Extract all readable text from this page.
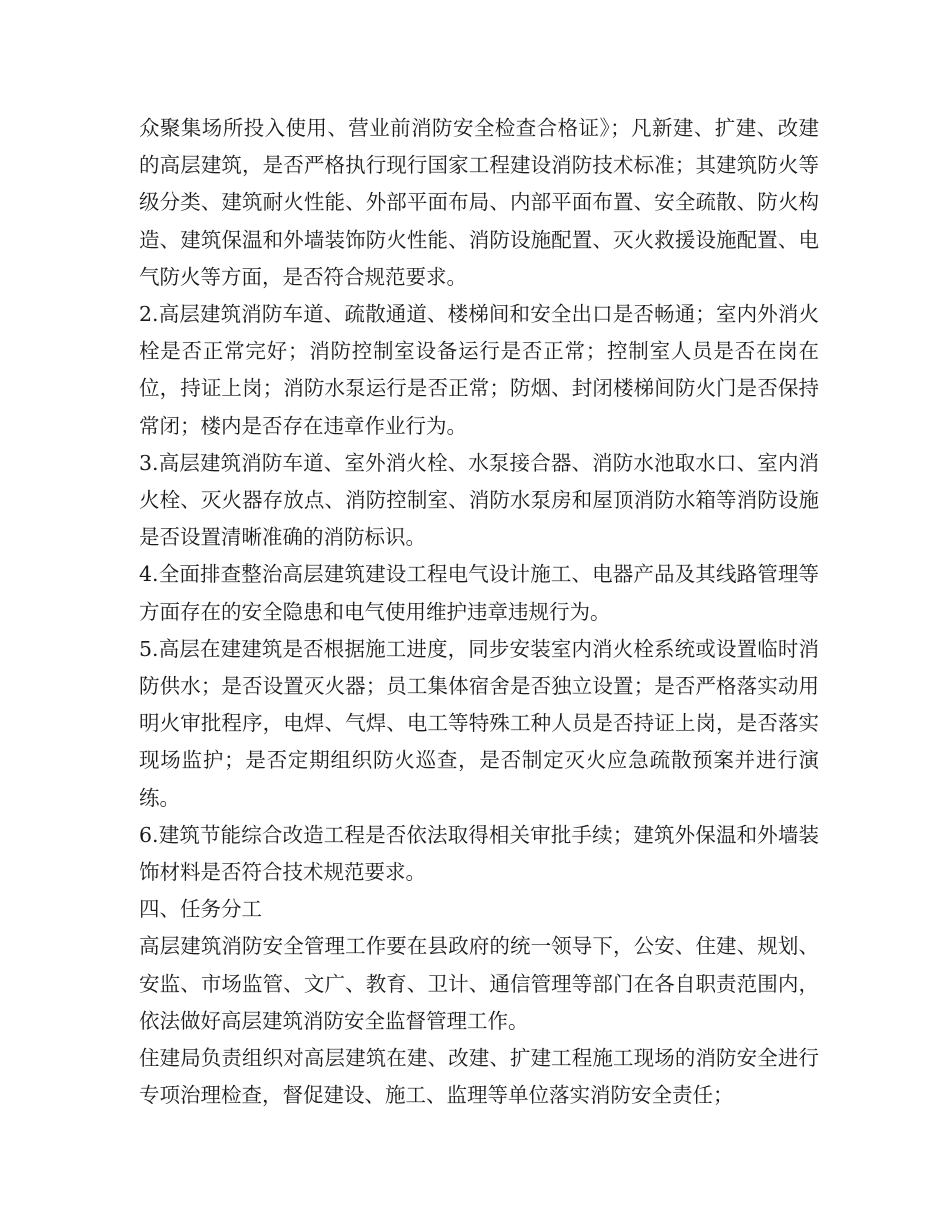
众聚集场所投入使用、营业前消防安全检查合格证》；凡新建、扩建、改建的高层建筑，是否严格执行现行国家工程建设消防技术标准；其建筑防火等级分类、建筑耐火性能、外部平面布局、内部平面布置、安全疏散、防火构造、建筑保温和外墙装饰防火性能、消防设施配置、灭火救援设施配置、电气防火等方面，是否符合规范要求。

2.高层建筑消防车道、疏散通道、楼梯间和安全出口是否畅通；室内外消火栓是否正常完好；消防控制室设备运行是否正常；控制室人员是否在岗在位，持证上岗；消防水泵运行是否正常；防烟、封闭楼梯间防火门是否保持常闭；楼内是否存在违章作业行为。

3.高层建筑消防车道、室外消火栓、水泵接合器、消防水池取水口、室内消火栓、灭火器存放点、消防控制室、消防水泵房和屋顶消防水箱等消防设施是否设置清晰准确的消防标识。

4.全面排查整治高层建筑建设工程电气设计施工、电器产品及其线路管理等方面存在的安全隐患和电气使用维护违章违规行为。

5.高层在建建筑是否根据施工进度，同步安装室内消火栓系统或设置临时消防供水；是否设置灭火器；员工集体宿舍是否独立设置；是否严格落实动用明火审批程序，电焊、气焊、电工等特殊工种人员是否持证上岗，是否落实现场监护；是否定期组织防火巡查，是否制定灭火应急疏散预案并进行演练。

6.建筑节能综合改造工程是否依法取得相关审批手续；建筑外保温和外墙装饰材料是否符合技术规范要求。

四、任务分工

高层建筑消防安全管理工作要在县政府的统一领导下，公安、住建、规划、安监、市场监管、文广、教育、卫计、通信管理等部门在各自职责范围内，依法做好高层建筑消防安全监督管理工作。

住建局负责组织对高层建筑在建、改建、扩建工程施工现场的消防安全进行专项治理检查，督促建设、施工、监理等单位落实消防安全责任；
